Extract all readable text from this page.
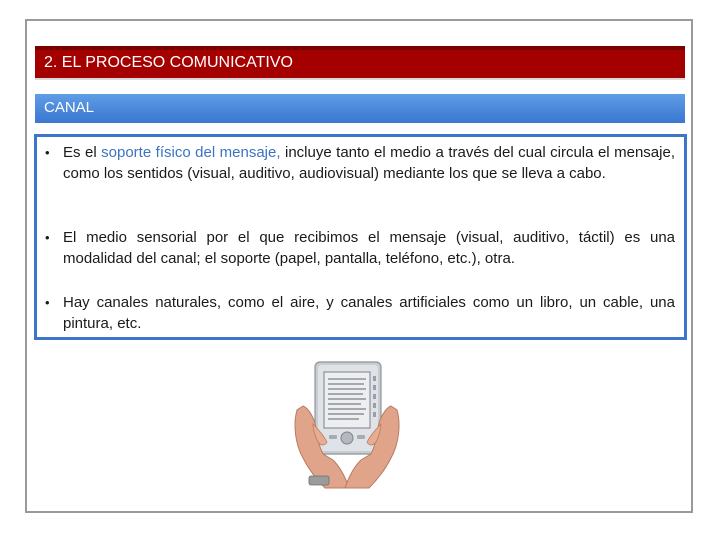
2. EL PROCESO COMUNICATIVO
CANAL
• Es el soporte físico del mensaje, incluye tanto el medio a través del cual circula el mensaje, como los sentidos (visual, auditivo, audiovisual) mediante los que se lleva a cabo.
• El medio sensorial por el que recibimos el mensaje (visual, auditivo, táctil) es una modalidad del canal; el soporte (papel, pantalla, teléfono, etc.), otra.
• Hay canales naturales, como el aire, y canales artificiales como un libro, un cable, una pintura, etc.
